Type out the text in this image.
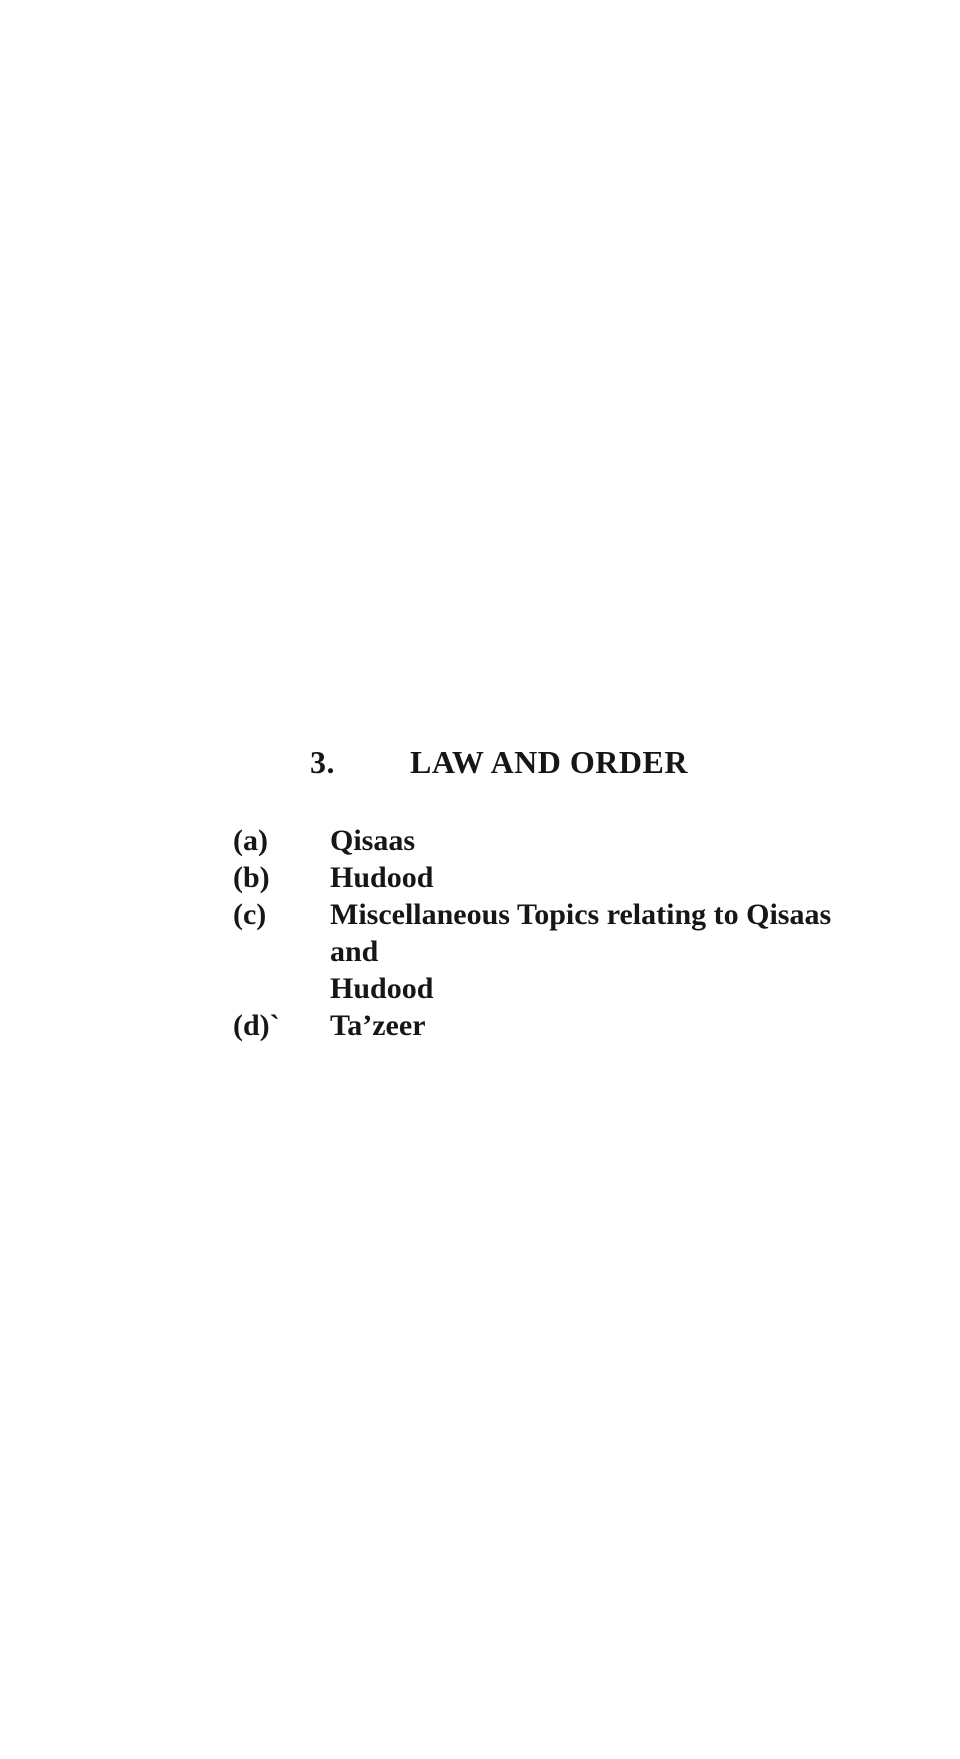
3.	LAW AND ORDER
(a)	Qisaas
(b)	Hudood
(c)	Miscellaneous Topics relating to Qisaas
and
Hudood
(d)`	Ta’zeer
